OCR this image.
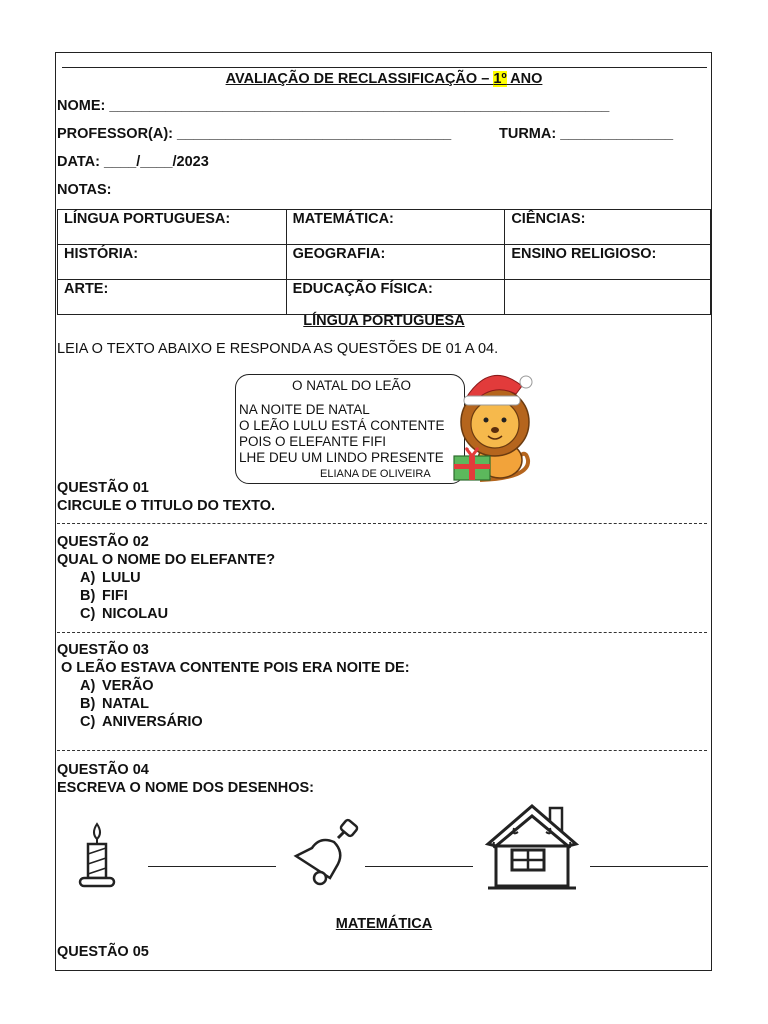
AVALIAÇÃO DE RECLASSIFICAÇÃO – 1º ANO
NOME: ______________________________________________________________
PROFESSOR(A): __________________________________	TURMA: ______________
DATA: ____/____/2023
NOTAS:
LÍNGUA PORTUGUESA:	MATEMÁTICA:	CIÊNCIAS:
HISTÓRIA:	GEOGRAFIA:	ENSINO RELIGIOSO:
ARTE:	EDUCAÇÃO FÍSICA:	
LÍNGUA PORTUGUESA
LEIA O TEXTO ABAIXO E RESPONDA AS QUESTÕES DE 01 A 04.
O NATAL DO LEÃO
NA NOITE DE NATAL
O LEÃO LULU ESTÁ CONTENTE
POIS O ELEFANTE FIFI
LHE DEU UM LINDO PRESENTE
ELIANA DE OLIVEIRA
QUESTÃO 01
CIRCULE O TITULO DO TEXTO.
QUESTÃO 02
QUAL O NOME DO ELEFANTE?
A) LULU
B) FIFI
C) NICOLAU
QUESTÃO 03
O LEÃO ESTAVA CONTENTE POIS ERA NOITE DE:
A) VERÃO
B) NATAL
C) ANIVERSÁRIO
QUESTÃO 04
ESCREVA O NOME DOS DESENHOS:
MATEMÁTICA
QUESTÃO 05
